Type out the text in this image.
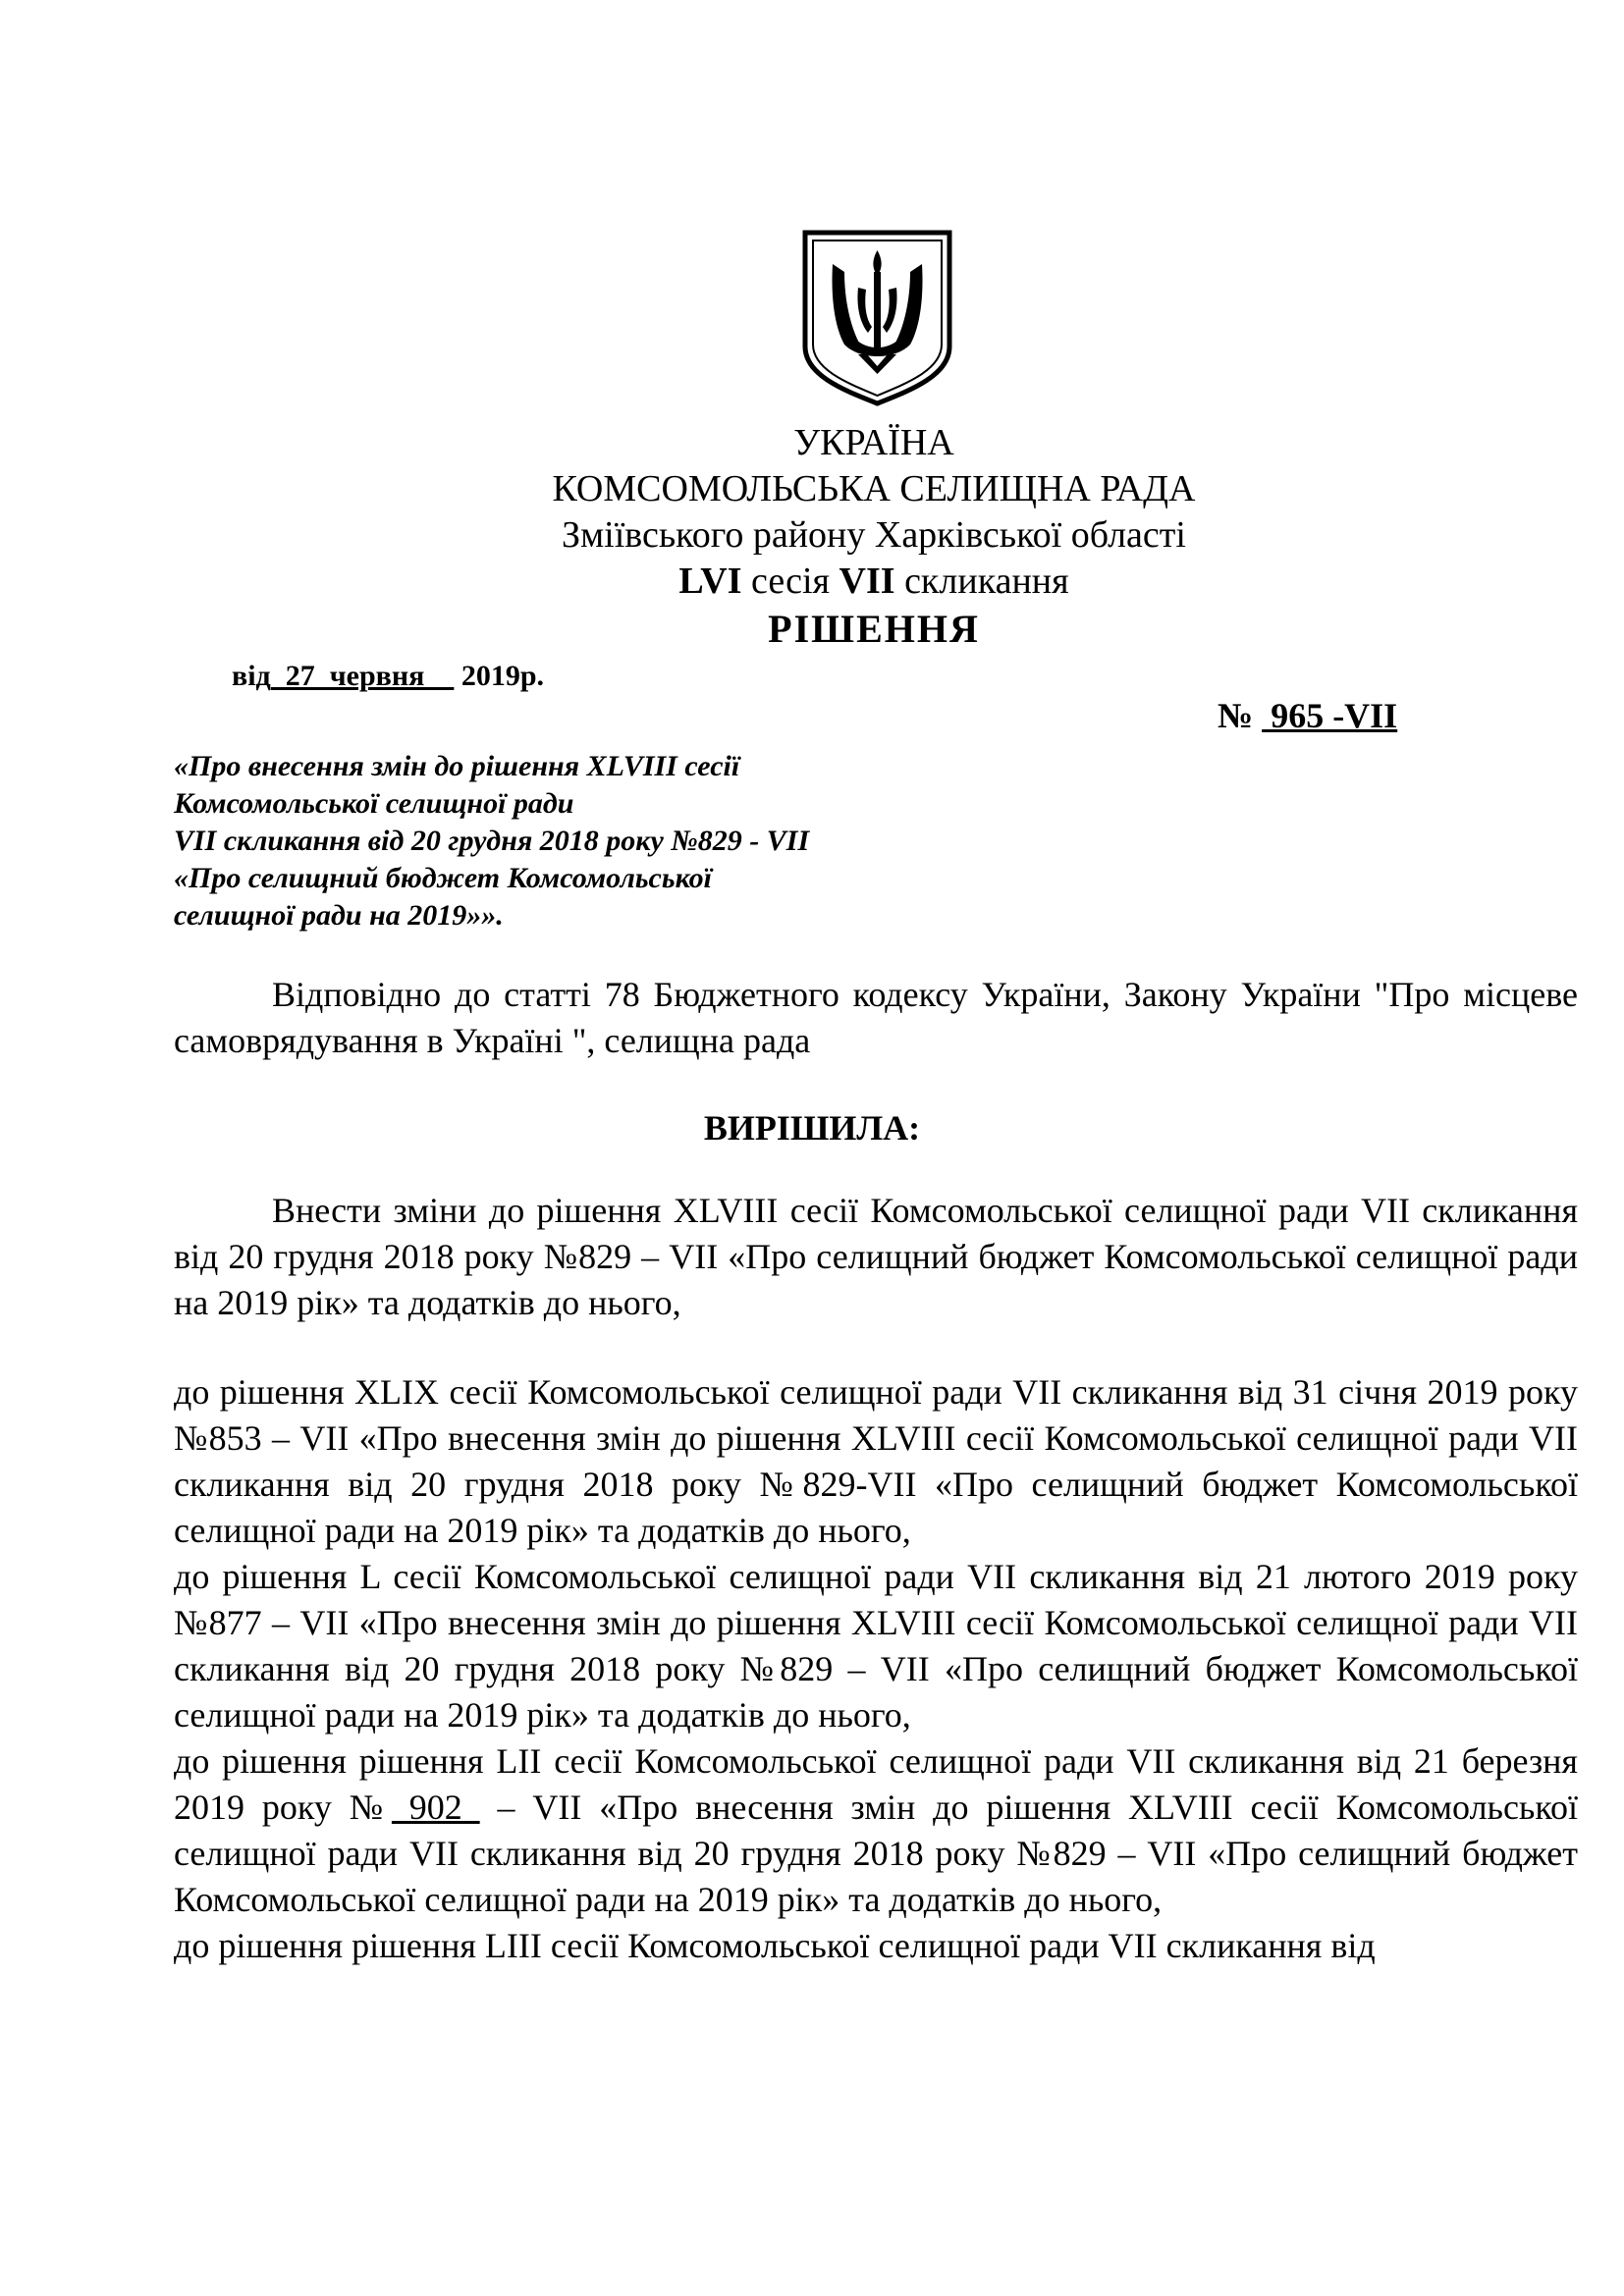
УКРАЇНА
КОМСОМОЛЬСЬКА СЕЛИЩНА РАДА
Зміївського району Харківської області
LVI сесія VII скликання
РІШЕННЯ
від  27  червня     2019р.
№  965 -VII
«Про внесення змін до рішення XLVIII сесії
Комсомольської селищної ради
VII скликання від 20 грудня 2018 року №829 - VII
«Про селищний бюджет Комсомольської
селищної ради на 2019»».

Відповідно до статті 78 Бюджетного кодексу України, Закону України "Про місцеве самоврядування в Україні ", селищна рада

ВИРІШИЛА:

Внести зміни до рішення XLVIII сесії Комсомольської селищної ради VII скликання від 20 грудня 2018 року №829 – VII «Про селищний бюджет Комсомольської селищної ради на 2019 рік» та додатків до нього,

до рішення XLIX сесії Комсомольської селищної ради VII скликання від 31 січня 2019 року №853 – VII «Про внесення змін до рішення XLVIII сесії Комсомольської селищної ради VII скликання від 20 грудня 2018 року №829-VII «Про селищний бюджет Комсомольської селищної ради на 2019 рік» та додатків до нього,

до рішення L сесії Комсомольської селищної ради VII скликання від 21 лютого 2019 року №877 – VII «Про внесення змін до рішення XLVIII сесії Комсомольської селищної ради VII скликання від 20 грудня 2018 року №829 – VII «Про селищний бюджет Комсомольської селищної ради на 2019 рік» та додатків до нього,

до рішення рішення LII сесії Комсомольської селищної ради VII скликання від 21 березня 2019 року № 902  – VII «Про внесення змін до рішення XLVIII сесії Комсомольської селищної ради VII скликання від 20 грудня 2018 року №829 – VII «Про селищний бюджет Комсомольської селищної ради на 2019 рік» та додатків до нього,

до рішення рішення LIII сесії Комсомольської селищної ради VII скликання від
